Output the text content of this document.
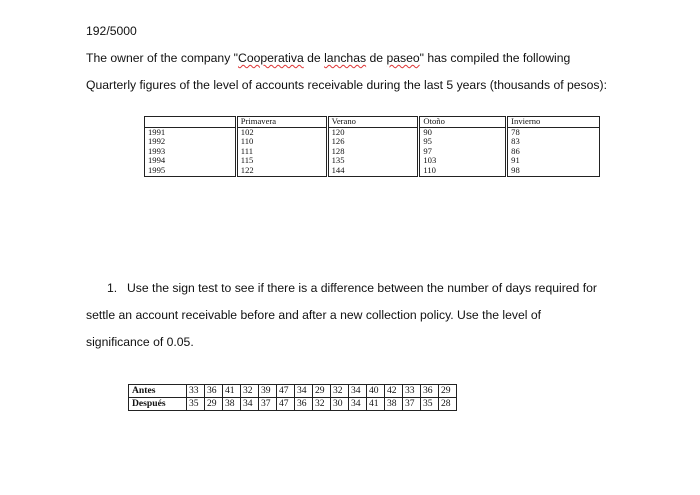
192/5000
The owner of the company "Cooperativa de lanchas de paseo" has compiled the following
Quarterly figures of the level of accounts receivable during the last 5 years (thousands of pesos):
	Primavera	Verano	Otoño	Invierno
1991	102	120	90	78
1992	110	126	95	83
1993	111	128	97	86
1994	115	135	103	91
1995	122	144	110	98
1. Use the sign test to see if there is a difference between the number of days required for
settle an account receivable before and after a new collection policy. Use the level of
significance of 0.05.
Antes	33	36	41	32	39	47	34	29	32	34	40	42	33	36	29
Después	35	29	38	34	37	47	36	32	30	34	41	38	37	35	28
